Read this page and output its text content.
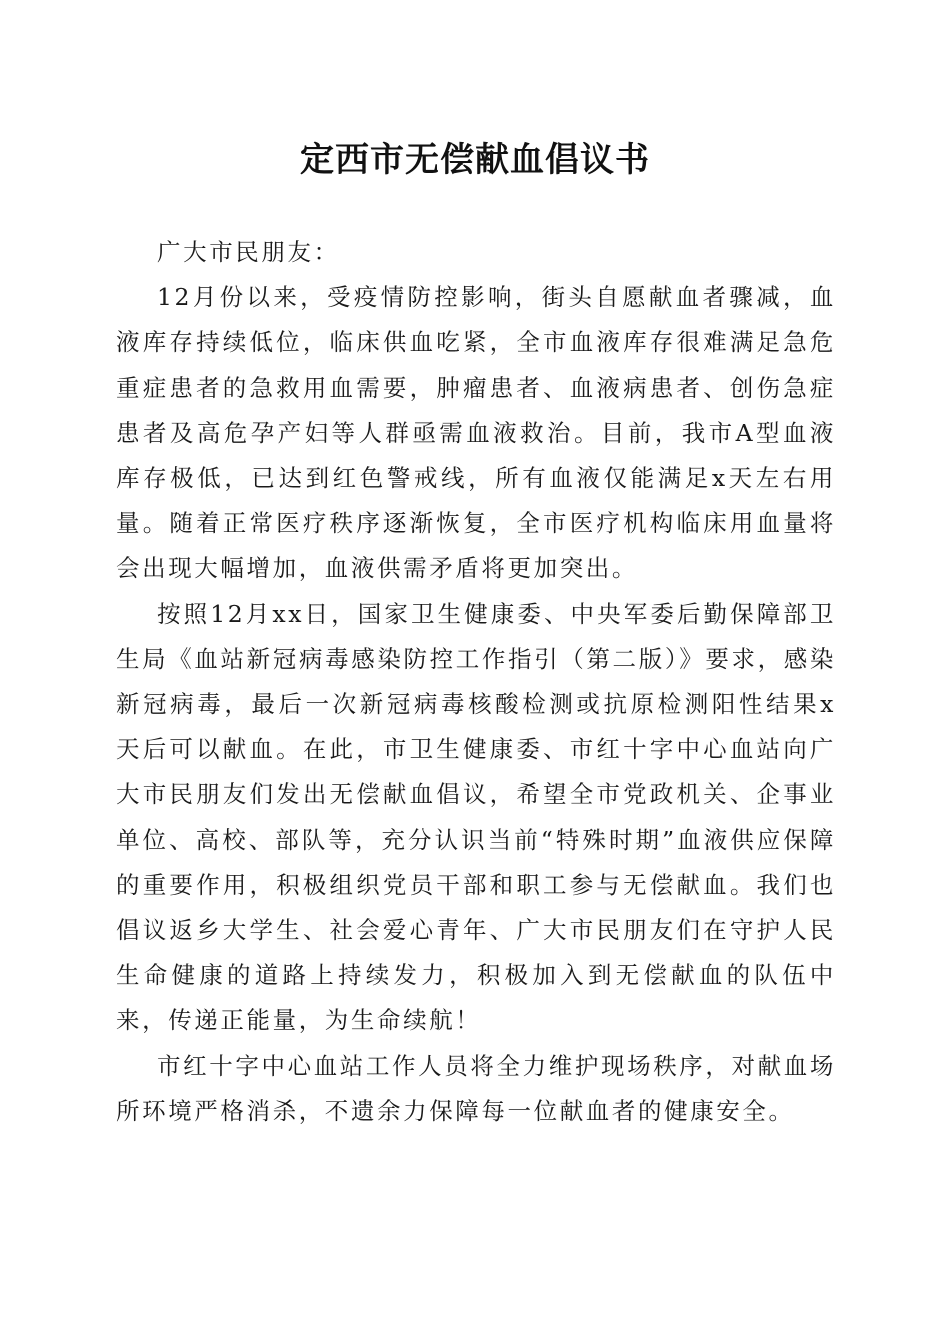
定西市无偿献血倡议书

广大市民朋友：

12月份以来，受疫情防控影响，街头自愿献血者骤减，血液库存持续低位，临床供血吃紧，全市血液库存很难满足急危重症患者的急救用血需要，肿瘤患者、血液病患者、创伤急症患者及高危孕产妇等人群亟需血液救治。目前，我市A型血液库存极低，已达到红色警戒线，所有血液仅能满足x天左右用量。随着正常医疗秩序逐渐恢复，全市医疗机构临床用血量将会出现大幅增加，血液供需矛盾将更加突出。

按照12月xx日，国家卫生健康委、中央军委后勤保障部卫生局《血站新冠病毒感染防控工作指引（第二版）》要求，感染新冠病毒，最后一次新冠病毒核酸检测或抗原检测阳性结果x天后可以献血。在此，市卫生健康委、市红十字中心血站向广大市民朋友们发出无偿献血倡议，希望全市党政机关、企事业单位、高校、部队等，充分认识当前“特殊时期”血液供应保障的重要作用，积极组织党员干部和职工参与无偿献血。我们也倡议返乡大学生、社会爱心青年、广大市民朋友们在守护人民生命健康的道路上持续发力，积极加入到无偿献血的队伍中来，传递正能量，为生命续航！

市红十字中心血站工作人员将全力维护现场秩序，对献血场所环境严格消杀，不遗余力保障每一位献血者的健康安全。
